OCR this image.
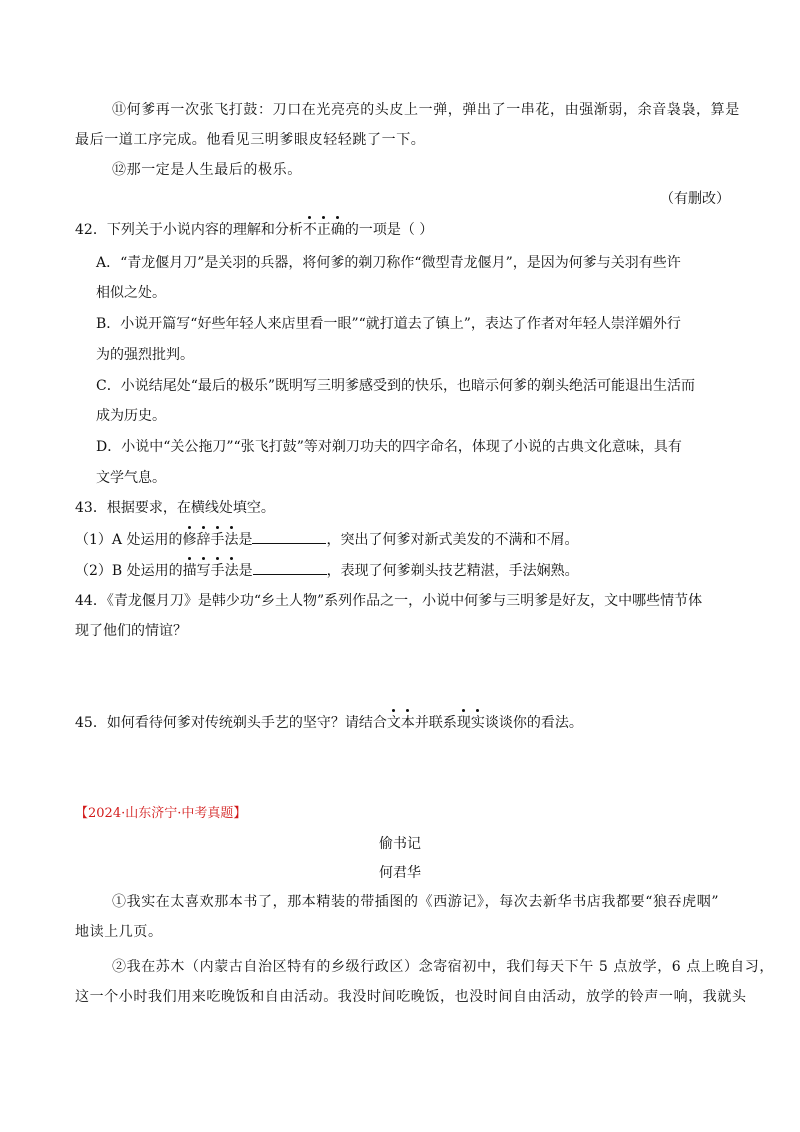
⑪何爹再一次张飞打鼓：刀口在光亮亮的头皮上一弹，弹出了一串花，由强渐弱，余音袅袅，算是
最后一道工序完成。他看见三明爹眼皮轻轻跳了一下。
⑫那一定是人生最后的极乐。
（有删改）
42．下列关于小说内容的理解和分析不正确的一项是（ ）
A．“青龙偃月刀”是关羽的兵器，将何爹的剃刀称作“微型青龙偃月”，是因为何爹与关羽有些许
相似之处。
B．小说开篇写“好些年轻人来店里看一眼”“就打道去了镇上”，表达了作者对年轻人崇洋媚外行
为的强烈批判。
C．小说结尾处“最后的极乐”既明写三明爹感受到的快乐，也暗示何爹的剃头绝活可能退出生活而
成为历史。
D．小说中“关公拖刀”“张飞打鼓”等对剃刀功夫的四字命名，体现了小说的古典文化意味，具有
文学气息。
43．根据要求，在横线处填空。
（1）A 处运用的修辞手法是	，突出了何爹对新式美发的不满和不屑。
（2）B 处运用的描写手法是	，表现了何爹剃头技艺精湛，手法娴熟。
44．《青龙偃月刀》是韩少功“乡土人物”系列作品之一，小说中何爹与三明爹是好友，文中哪些情节体
现了他们的情谊？
45．如何看待何爹对传统剃头手艺的坚守？请结合文本并联系现实谈谈你的看法。
【2024·山东济宁·中考真题】
偷书记
何君华
①我实在太喜欢那本书了，那本精装的带插图的《西游记》，每次去新华书店我都要“狼吞虎咽”
地读上几页。
②我在苏木（内蒙古自治区特有的乡级行政区）念寄宿初中，我们每天下午 5 点放学，6 点上晚自习，
这一个小时我们用来吃晚饭和自由活动。我没时间吃晚饭，也没时间自由活动，放学的铃声一响，我就头
